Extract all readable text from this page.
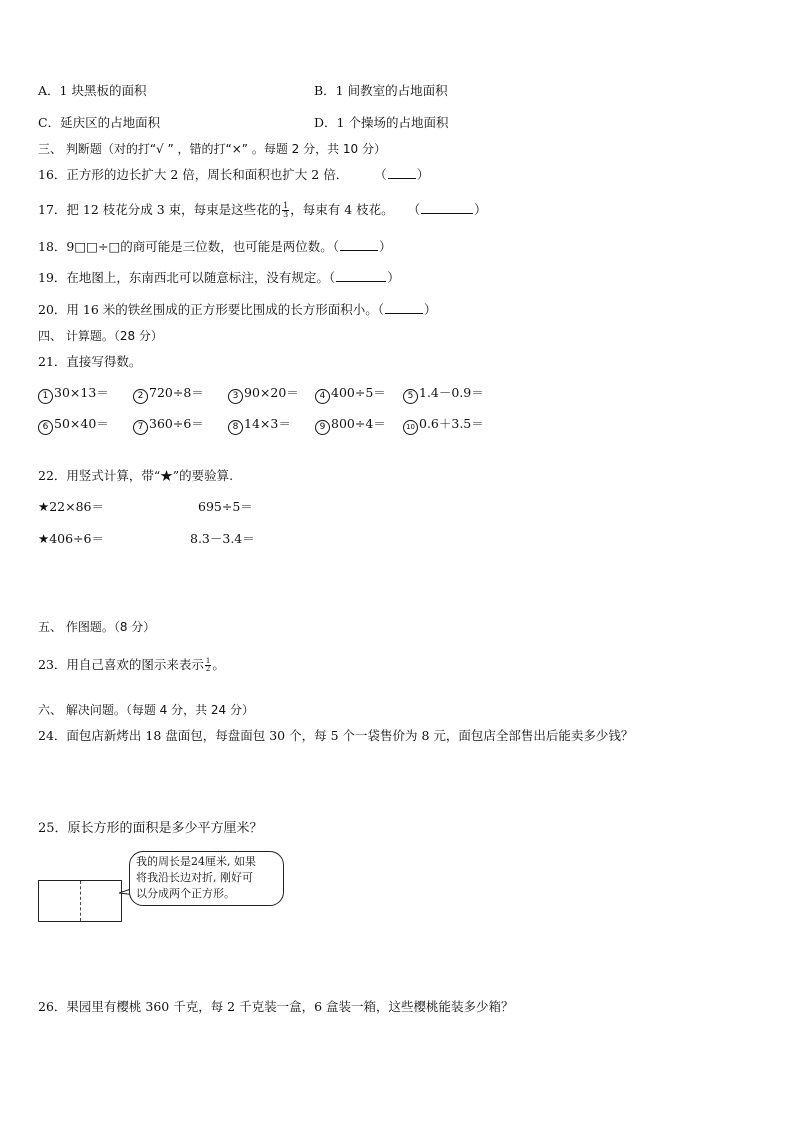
A．1 块黑板的面积	B．1 间教室的占地面积
C．延庆区的占地面积	D．1 个操场的占地面积
三、 判断题（对的打“√ ” ，错的打“×” 。每题 2 分，共 10 分）
16．正方形的边长扩大 2 倍，周长和面积也扩大 2 倍． （ ）
17．把 12 枝花分成 3 束，每束是这些花的 $\frac{1}{3}$ ，每束有 4 枝花。 （	）
18．9□□÷□的商可能是三位数，也可能是两位数。（	）
19．在地图上，东南西北可以随意标注，没有规定。（	）
20．用 16 米的铁丝围成的正方形要比围成的长方形面积小。（	）
四、 计算题。（28 分）
21．直接写得数。
1 30×13＝	2 720÷8＝	3 90×20＝	4 400÷5＝	5 1.4－0.9＝
6 50×40＝	7 360÷6＝	8 14×3＝	9 800÷4＝	10 0.6＋3.5＝
22．用竖式计算，带“★”的要验算.
★22×86＝	695÷5＝
★406÷6＝	8.3－3.4＝
五、 作图题。（8 分）
23．用自己喜欢的图示来表示 $\frac{1}{2}$ 。
六、 解决问题。（每题 4 分，共 24 分）
24．面包店新烤出 18 盘面包，每盘面包 30 个，每 5 个一袋售价为 8 元，面包店全部售出后能卖多少钱？
25．原长方形的面积是多少平方厘米？
我的周长是24厘米, 如果
将我沿长边对折, 刚好可
以分成两个正方形。
26．果园里有樱桃 360 千克，每 2 千克装一盒，6 盒装一箱，这些樱桃能装多少箱？
